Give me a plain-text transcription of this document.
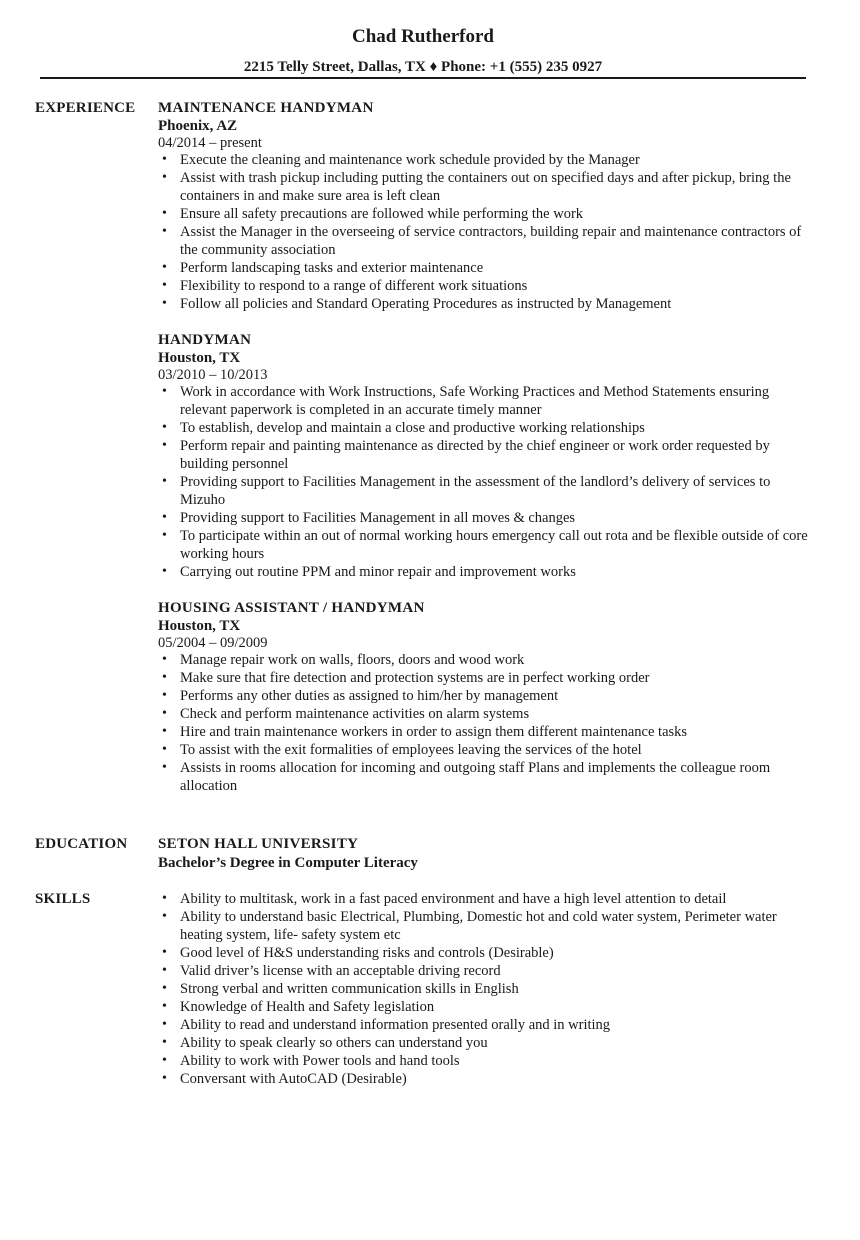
Chad Rutherford
2215 Telly Street, Dallas, TX ♦ Phone: +1 (555) 235 0927
EXPERIENCE MAINTENANCE HANDYMAN
Phoenix, AZ
04/2014 – present
• Execute the cleaning and maintenance work schedule provided by the Manager
• Assist with trash pickup including putting the containers out on specified days and after pickup, bring the containers in and make sure area is left clean
• Ensure all safety precautions are followed while performing the work
• Assist the Manager in the overseeing of service contractors, building repair and maintenance contractors of the community association
• Perform landscaping tasks and exterior maintenance
• Flexibility to respond to a range of different work situations
• Follow all policies and Standard Operating Procedures as instructed by Management
HANDYMAN
Houston, TX
03/2010 – 10/2013
• Work in accordance with Work Instructions, Safe Working Practices and Method Statements ensuring relevant paperwork is completed in an accurate timely manner
• To establish, develop and maintain a close and productive working relationships
• Perform repair and painting maintenance as directed by the chief engineer or work order requested by building personnel
• Providing support to Facilities Management in the assessment of the landlord’s delivery of services to Mizuho
• Providing support to Facilities Management in all moves & changes
• To participate within an out of normal working hours emergency call out rota and be flexible outside of core working hours
• Carrying out routine PPM and minor repair and improvement works
HOUSING ASSISTANT / HANDYMAN
Houston, TX
05/2004 – 09/2009
• Manage repair work on walls, floors, doors and wood work
• Make sure that fire detection and protection systems are in perfect working order
• Performs any other duties as assigned to him/her by management
• Check and perform maintenance activities on alarm systems
• Hire and train maintenance workers in order to assign them different maintenance tasks
• To assist with the exit formalities of employees leaving the services of the hotel
• Assists in rooms allocation for incoming and outgoing staff Plans and implements the colleague room allocation
EDUCATION SETON HALL UNIVERSITY
Bachelor’s Degree in Computer Literacy
SKILLS	• Ability to multitask, work in a fast paced environment and have a high level attention to detail
• Ability to understand basic Electrical, Plumbing, Domestic hot and cold water system, Perimeter water heating system, life- safety system etc
• Good level of H&S understanding risks and controls (Desirable)
• Valid driver’s license with an acceptable driving record
• Strong verbal and written communication skills in English
• Knowledge of Health and Safety legislation
• Ability to read and understand information presented orally and in writing
• Ability to speak clearly so others can understand you
• Ability to work with Power tools and hand tools
• Conversant with AutoCAD (Desirable)
